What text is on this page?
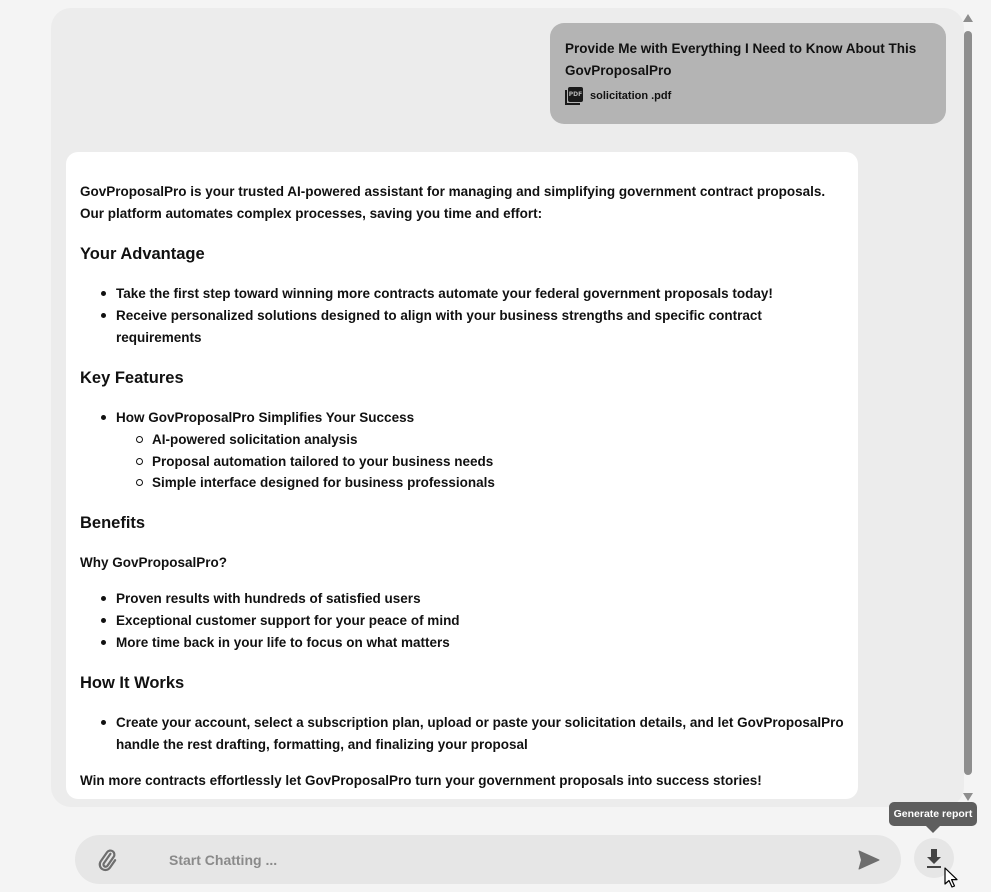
Provide Me with Everything I Need to Know About This GovProposalPro
PDF solicitation .pdf

GovProposalPro is your trusted AI-powered assistant for managing and simplifying government contract proposals. Our platform automates complex processes, saving you time and effort:

Your Advantage
Take the first step toward winning more contracts automate your federal government proposals today!
Receive personalized solutions designed to align with your business strengths and specific contract requirements
Key Features
How GovProposalPro Simplifies Your Success
AI-powered solicitation analysis
Proposal automation tailored to your business needs
Simple interface designed for business professionals
Benefits

Why GovProposalPro?

Proven results with hundreds of satisfied users
Exceptional customer support for your peace of mind
More time back in your life to focus on what matters
How It Works
Create your account, select a subscription plan, upload or paste your solicitation details, and let GovProposalPro handle the rest drafting, formatting, and finalizing your proposal

Win more contracts effortlessly let GovProposalPro turn your government proposals into success stories!

Start Chatting ...
Generate report
